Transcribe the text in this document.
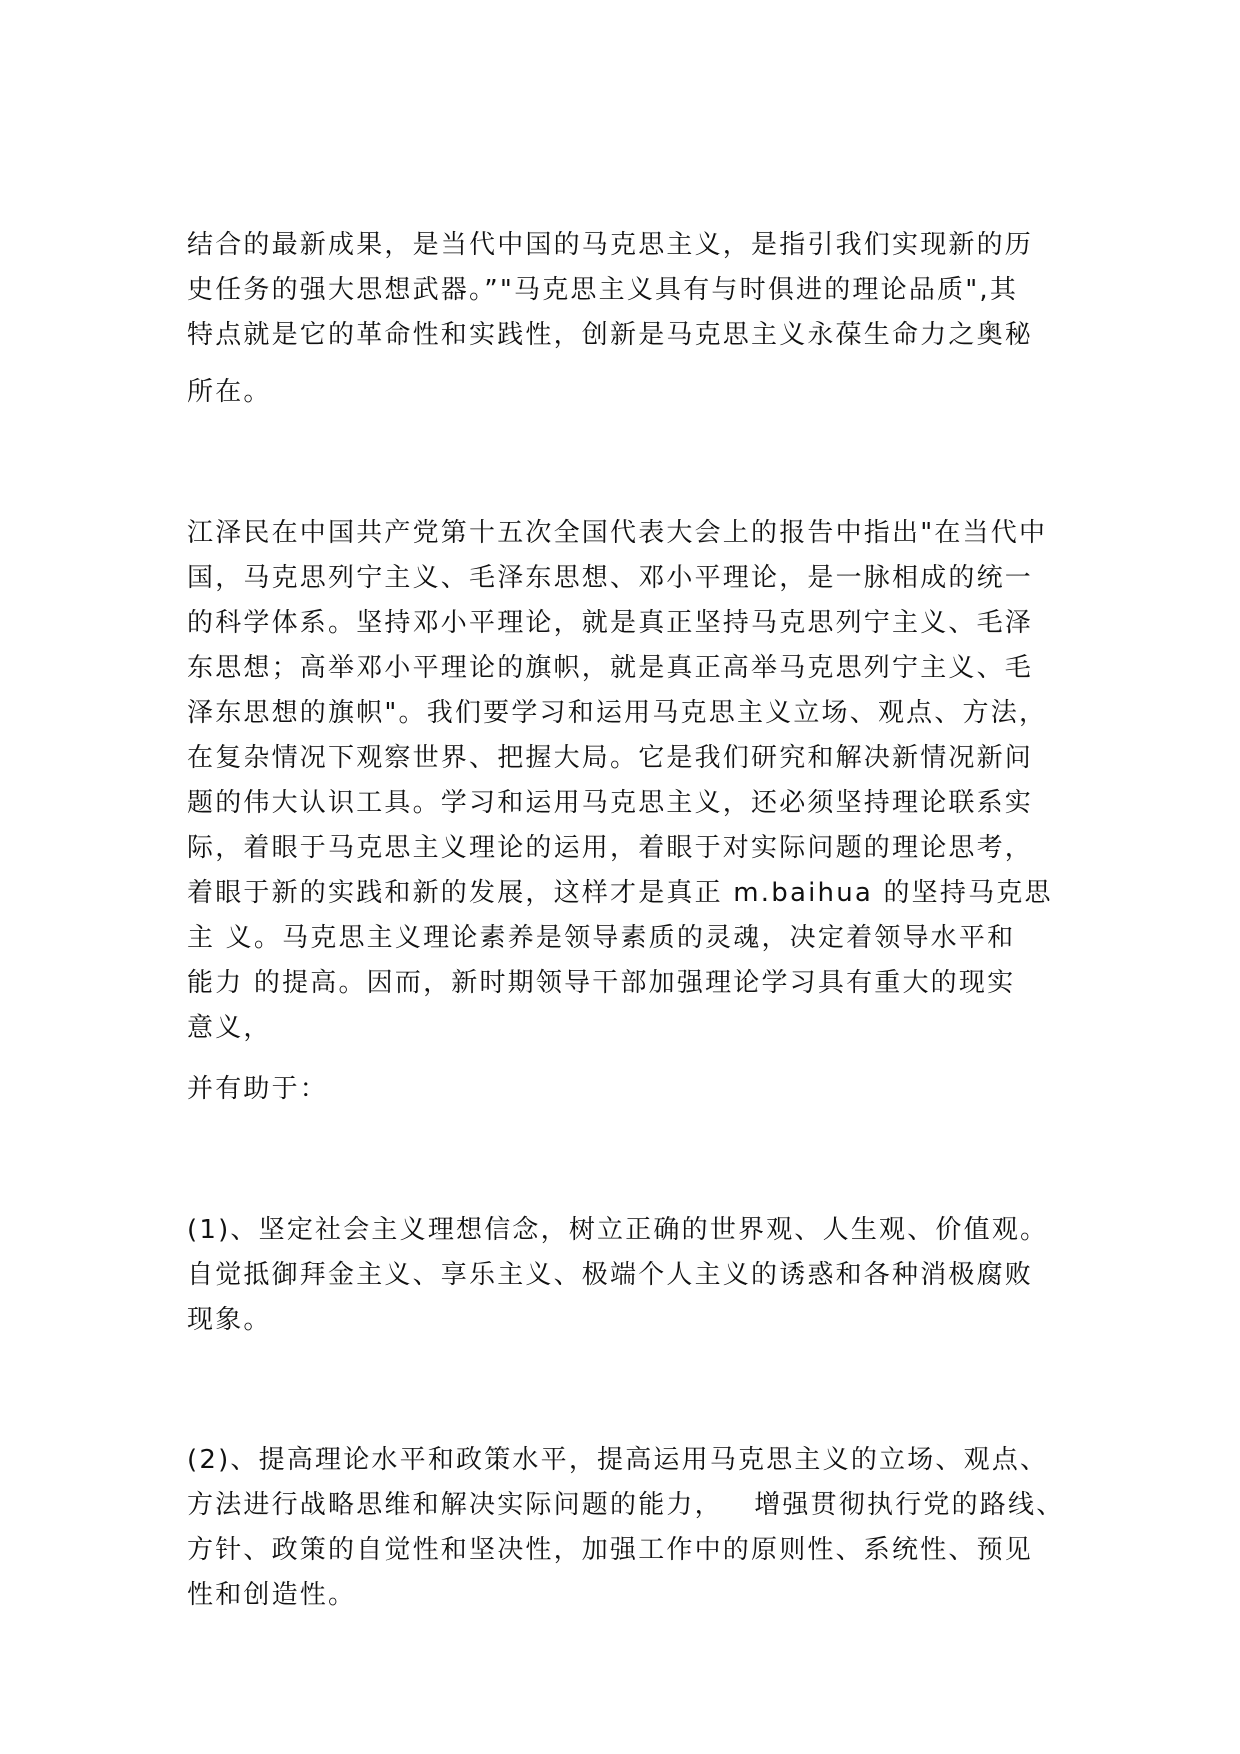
结合的最新成果，是当代中国的马克思主义，是指引我们实现新的历
史任务的强大思想武器。”"马克思主义具有与时俱进的理论品质",其
特点就是它的革命性和实践性，创新是马克思主义永葆生命力之奥秘
所在。
江泽民在中国共产党第十五次全国代表大会上的报告中指出"在当代中
国，马克思列宁主义、毛泽东思想、邓小平理论，是一脉相成的统一
的科学体系。坚持邓小平理论，就是真正坚持马克思列宁主义、毛泽
东思想；高举邓小平理论的旗帜，就是真正高举马克思列宁主义、毛
泽东思想的旗帜"。我们要学习和运用马克思主义立场、观点、方法，
在复杂情况下观察世界、把握大局。它是我们研究和解决新情况新问
题的伟大认识工具。学习和运用马克思主义，还必须坚持理论联系实
际，着眼于马克思主义理论的运用，着眼于对实际问题的理论思考，
着眼于新的实践和新的发展，这样才是真正 m.baihua 的坚持马克思
主 义。马克思主义理论素养是领导素质的灵魂，决定着领导水平和
能力 的提高。因而，新时期领导干部加强理论学习具有重大的现实
意义，
并有助于：
(1)、坚定社会主义理想信念，树立正确的世界观、人生观、价值观。
自觉抵御拜金主义、享乐主义、极端个人主义的诱惑和各种消极腐败
现象。
(2)、提高理论水平和政策水平，提高运用马克思主义的立场、观点、
方法进行战略思维和解决实际问题的能力，   增强贯彻执行党的路线、
方针、政策的自觉性和坚决性，加强工作中的原则性、系统性、预见
性和创造性。
